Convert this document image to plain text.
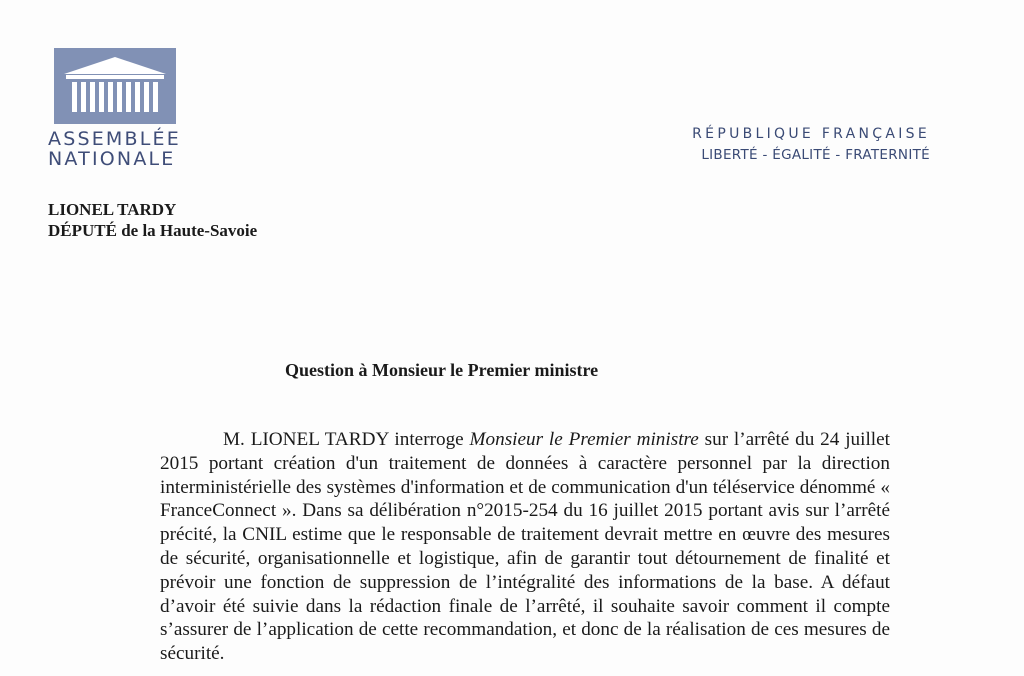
ASSEMBLÉE
NATIONALE
RÉPUBLIQUE FRANÇAISE
LIBERTÉ - ÉGALITÉ - FRATERNITÉ
LIONEL TARDY
DÉPUTÉ de la Haute-Savoie
Question à Monsieur le Premier ministre
M. LIONEL TARDY interroge Monsieur le Premier ministre sur l’arrêté du 24 juillet 2015 portant création d'un traitement de données à caractère personnel par la direction interministérielle des systèmes d'information et de communication d'un téléservice dénommé « FranceConnect ». Dans sa délibération n°2015-254 du 16 juillet 2015 portant avis sur l’arrêté précité, la CNIL estime que le responsable de traitement devrait mettre en œuvre des mesures de sécurité, organisationnelle et logistique, afin de garantir tout détournement de finalité et prévoir une fonction de suppression de l’intégralité des informations de la base. A défaut d’avoir été suivie dans la rédaction finale de l’arrêté, il souhaite savoir comment il compte s’assurer de l’application de cette recommandation, et donc de la réalisation de ces mesures de sécurité.
